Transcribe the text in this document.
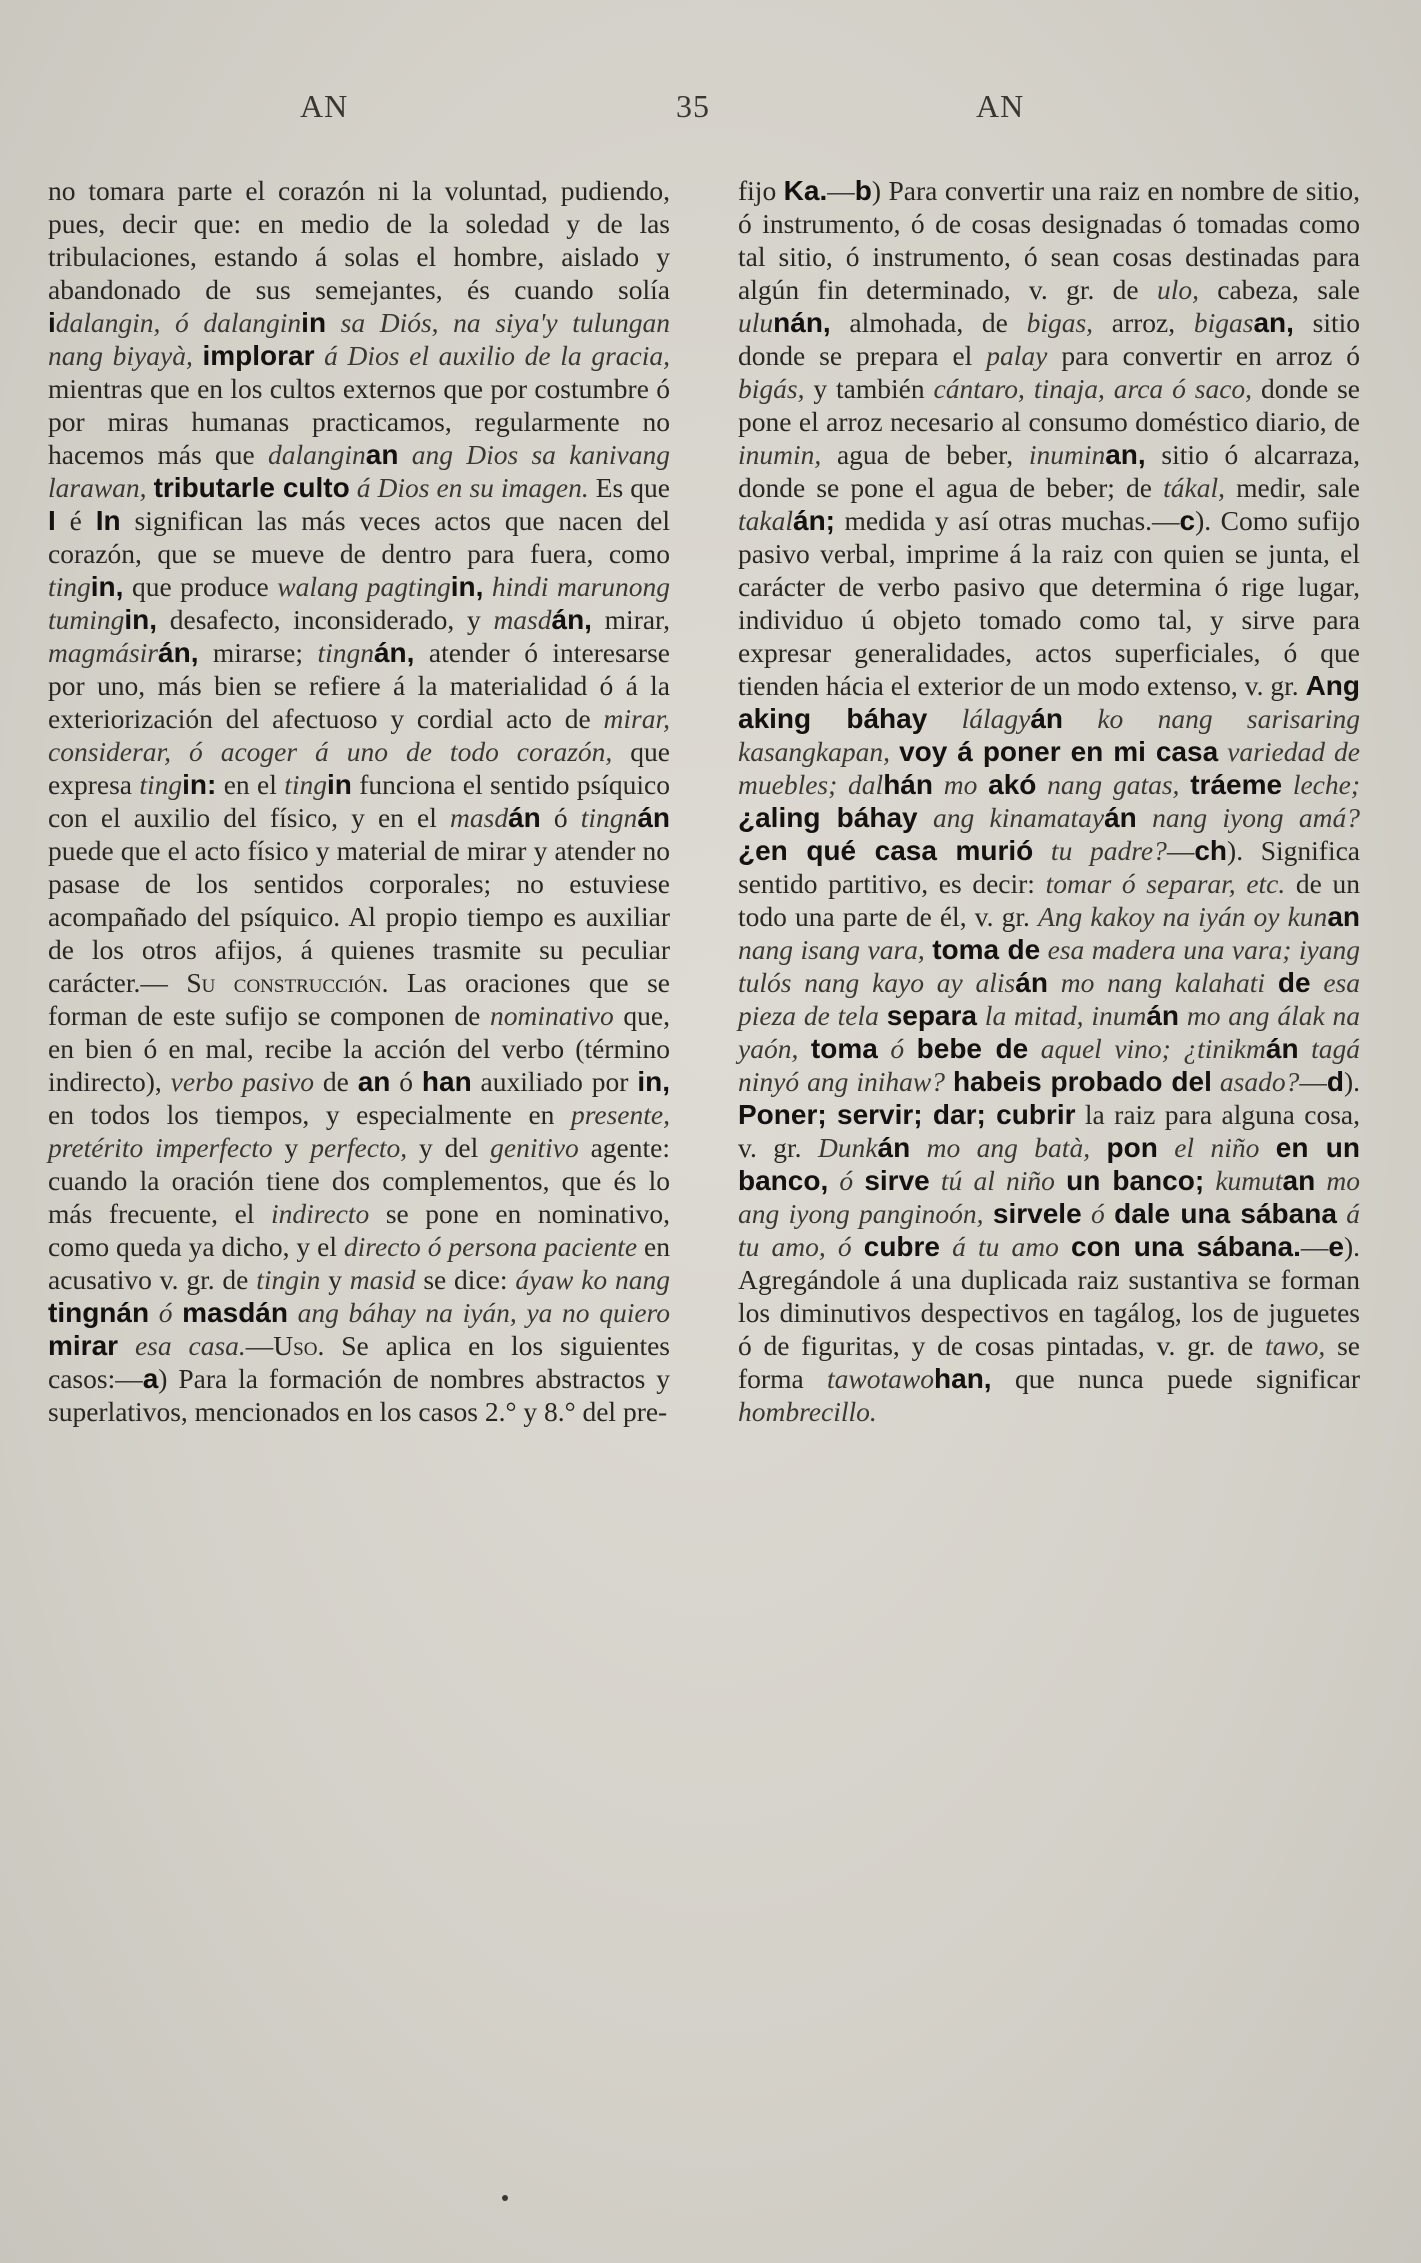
AN	35	AN

no tomara parte el corazón ni la voluntad, pudiendo, pues, decir que: en medio de la soledad y de las tribulaciones, estando á solas el hombre, aislado y abandonado de sus semejantes, és cuando solía idalangin, ó dalanginin sa Diós, na siya'y tulungan nang biyayà, implorar á Dios el auxilio de la gracia, mientras que en los cultos externos que por costumbre ó por miras humanas practicamos, regularmente no hacemos más que dalanginan ang Dios sa kanivang larawan, tributarle culto á Dios en su imagen. Es que I é In significan las más veces actos que nacen del corazón, que se mueve de dentro para fuera, como tingin, que produce walang pagtingin, hindi marunong tumingin, desafecto, inconsiderado, y masdán, mirar, magmásirán, mirarse; tingnán, atender ó interesarse por uno, más bien se refiere á la materialidad ó á la exteriorización del afectuoso y cordial acto de mirar, considerar, ó acoger á uno de todo corazón, que expresa tingin: en el tingin funciona el sentido psíquico con el auxilio del físico, y en el masdán ó tingnán puede que el acto físico y material de mirar y atender no pasase de los sentidos corporales; no estuviese acompañado del psíquico. Al propio tiempo es auxiliar de los otros afijos, á quienes trasmite su peculiar carácter.— Su construcción. Las oraciones que se forman de este sufijo se componen de nominativo que, en bien ó en mal, recibe la acción del verbo (término indirecto), verbo pasivo de an ó han auxiliado por in, en todos los tiempos, y especialmente en presente, pretérito imperfecto y perfecto, y del genitivo agente: cuando la oración tiene dos complementos, que és lo más frecuente, el indirecto se pone en nominativo, como queda ya dicho, y el directo ó persona paciente en acusativo v. gr. de tingin y masid se dice: áyaw ko nang tingnán ó masdán ang báhay na iyán, ya no quiero mirar esa casa.—Uso. Se aplica en los siguientes casos:—a) Para la formación de nombres abstractos y superlativos, mencionados en los casos 2.° y 8.° del pre-

fijo Ka.—b) Para convertir una raiz en nombre de sitio, ó instrumento, ó de cosas designadas ó tomadas como tal sitio, ó instrumento, ó sean cosas destinadas para algún fin determinado, v. gr. de ulo, cabeza, sale ulunán, almohada, de bigas, arroz, bigasan, sitio donde se prepara el palay para convertir en arroz ó bigás, y también cántaro, tinaja, arca ó saco, donde se pone el arroz necesario al consumo doméstico diario, de inumin, agua de beber, inuminan, sitio ó alcarraza, donde se pone el agua de beber; de tákal, medir, sale takalán; medida y así otras muchas.—c). Como sufijo pasivo verbal, imprime á la raiz con quien se junta, el carácter de verbo pasivo que determina ó rige lugar, individuo ú objeto tomado como tal, y sirve para expresar generalidades, actos superficiales, ó que tienden hácia el exterior de un modo extenso, v. gr. Ang aking báhay lálagyán ko nang sarisaring kasangkapan, voy á poner en mi casa variedad de muebles; dalhán mo akó nang gatas, tráeme leche; ¿aling báhay ang kinamatayán nang iyong amá? ¿en qué casa murió tu padre?—ch). Significa sentido partitivo, es decir: tomar ó separar, etc. de un todo una parte de él, v. gr. Ang kakoy na iyán oy kunan nang isang vara, toma de esa madera una vara; iyang tulós nang kayo ay alisán mo nang kalahati de esa pieza de tela separa la mitad, inumán mo ang álak na yaón, toma ó bebe de aquel vino; ¿tinikmán tagá ninyó ang inihaw? habeis probado del asado?—d). Poner; servir; dar; cubrir la raiz para alguna cosa, v. gr. Dunkán mo ang batà, pon el niño en un banco, ó sirve tú al niño un banco; kumutan mo ang iyong panginoón, sirvele ó dale una sábana á tu amo, ó cubre á tu amo con una sábana.—e). Agregándole á una duplicada raiz sustantiva se forman los diminutivos despectivos en tagálog, los de juguetes ó de figuritas, y de cosas pintadas, v. gr. de tawo, se forma tawotawohan, que nunca puede significar hombrecillo.
